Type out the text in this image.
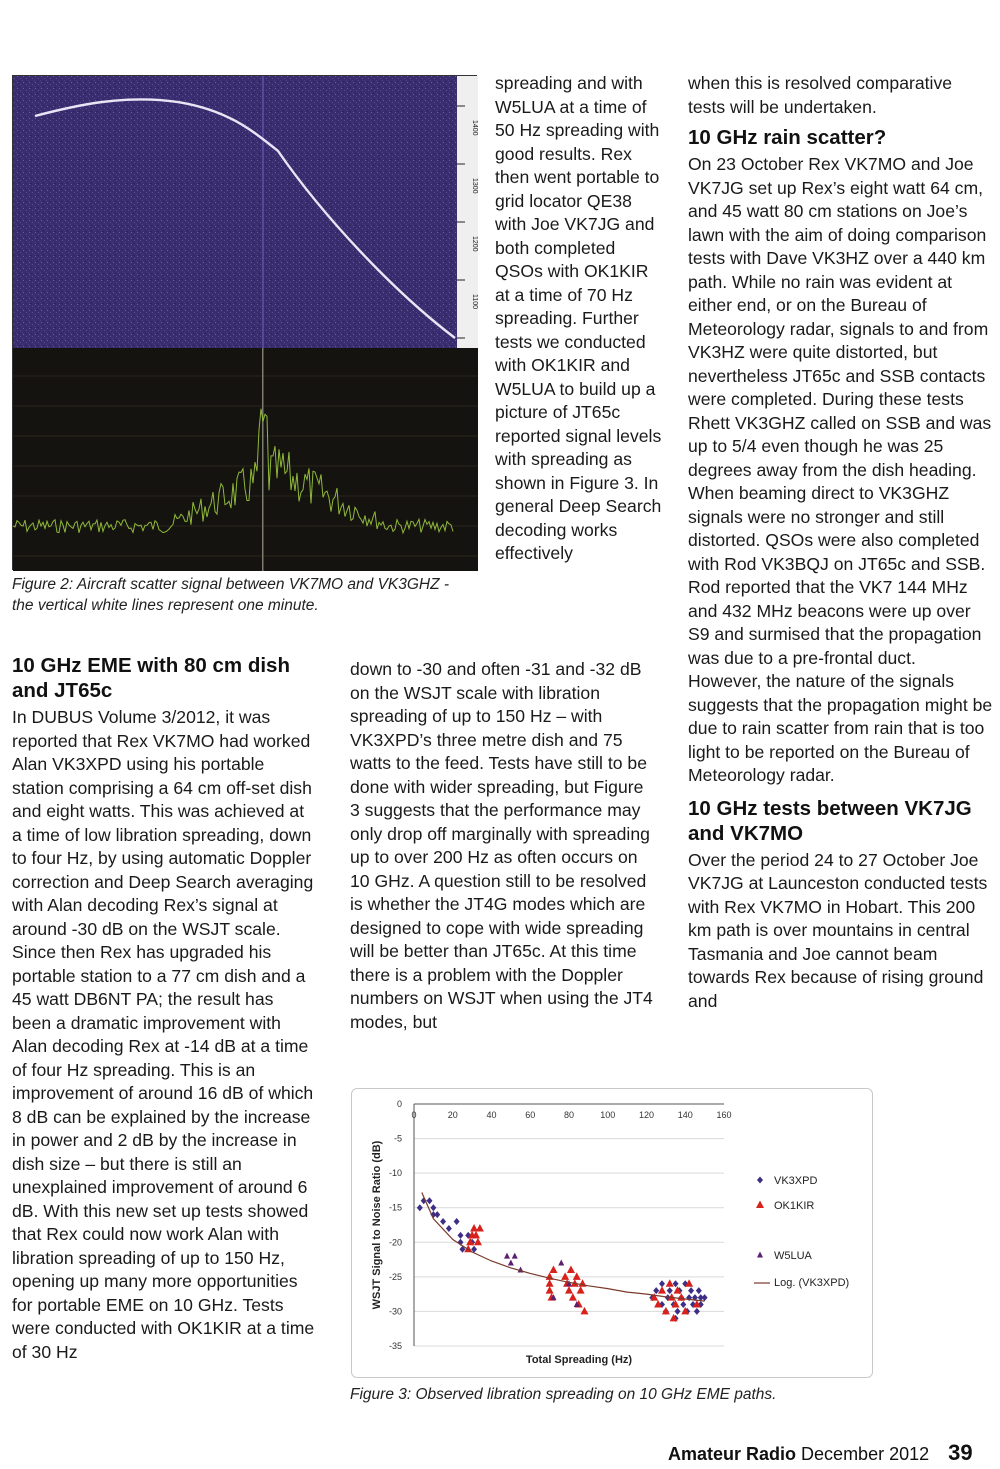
1400
1300
1200
1100
Figure 2: Aircraft scatter signal between VK7MO and VK3GHZ - the vertical white lines represent one minute.

spreading and with W5LUA at a time of 50 Hz spreading with good results. Rex then went portable to grid locator QE38 with Joe VK7JG and both completed QSOs with OK1KIR at a time of 70 Hz spreading. Further tests we conducted with OK1KIR and W5LUA to build up a picture of JT65c reported signal levels with spreading as shown in Figure 3. In general Deep Search decoding works effectively

10 GHz EME with 80 cm dish and JT65c

In DUBUS Volume 3/2012, it was reported that Rex VK7MO had worked Alan VK3XPD using his portable station comprising a 64 cm off-set dish and eight watts. This was achieved at a time of low libration spreading, down to four Hz, by using automatic Doppler correction and Deep Search averaging with Alan decoding Rex’s signal at around -30 dB on the WSJT scale. Since then Rex has upgraded his portable station to a 77 cm dish and a 45 watt DB6NT PA; the result has been a dramatic improvement with Alan decoding Rex at -14 dB at a time of four Hz spreading. This is an improvement of around 16 dB of which 8 dB can be explained by the increase in power and 2 dB by the increase in dish size – but there is still an unexplained improvement of around 6 dB. With this new set up tests showed that Rex could now work Alan with libration spreading of up to 150 Hz, opening up many more opportunities for portable EME on 10 GHz. Tests were conducted with OK1KIR at a time of 30 Hz

down to -30 and often -31 and -32 dB on the WSJT scale with libration spreading of up to 150 Hz – with VK3XPD’s three metre dish and 75 watts to the feed. Tests have still to be done with wider spreading, but Figure 3 suggests that the performance may only drop off marginally with spreading up to over 200 Hz as often occurs on 10 GHz. A question still to be resolved is whether the JT4G modes which are designed to cope with wide spreading will be better than JT65c. At this time there is a problem with the Doppler numbers on WSJT when using the JT4 modes, but

when this is resolved comparative tests will be undertaken.

10 GHz rain scatter?

On 23 October Rex VK7MO and Joe VK7JG set up Rex’s eight watt 64 cm, and 45 watt 80 cm stations on Joe’s lawn with the aim of doing comparison tests with Dave VK3HZ over a 440 km path. While no rain was evident at either end, or on the Bureau of Meteorology radar, signals to and from VK3HZ were quite distorted, but nevertheless JT65c and SSB contacts were completed. During these tests Rhett VK3GHZ called on SSB and was up to 5/4 even though he was 25 degrees away from the dish heading. When beaming direct to VK3GHZ signals were no stronger and still distorted. QSOs were also completed with Rod VK3BQJ on JT65c and SSB. Rod reported that the VK7 144 MHz and 432 MHz beacons were up over S9 and surmised that the propagation was due to a pre-frontal duct. However, the nature of the signals suggests that the propagation might be due to rain scatter from rain that is too light to be reported on the Bureau of Meteorology radar.

10 GHz tests between VK7JG and VK7MO

Over the period 24 to 27 October Joe VK7JG at Launceston conducted tests with Rex VK7MO in Hobart. This 200 km path is over mountains in central Tasmania and Joe cannot beam towards Rex because of rising ground and

0
-5
-10
-15
-20
-25
-30
-35
0	20	40	60	80	100	120	140	160
Total Spreading (Hz)
WSJT Signal to Noise Ratio (dB)	VK3XPD
OK1KIR
W5LUA
Log. (VK3XPD)
Figure 3: Observed libration spreading on 10 GHz EME paths.
Amateur Radio December 2012 39
